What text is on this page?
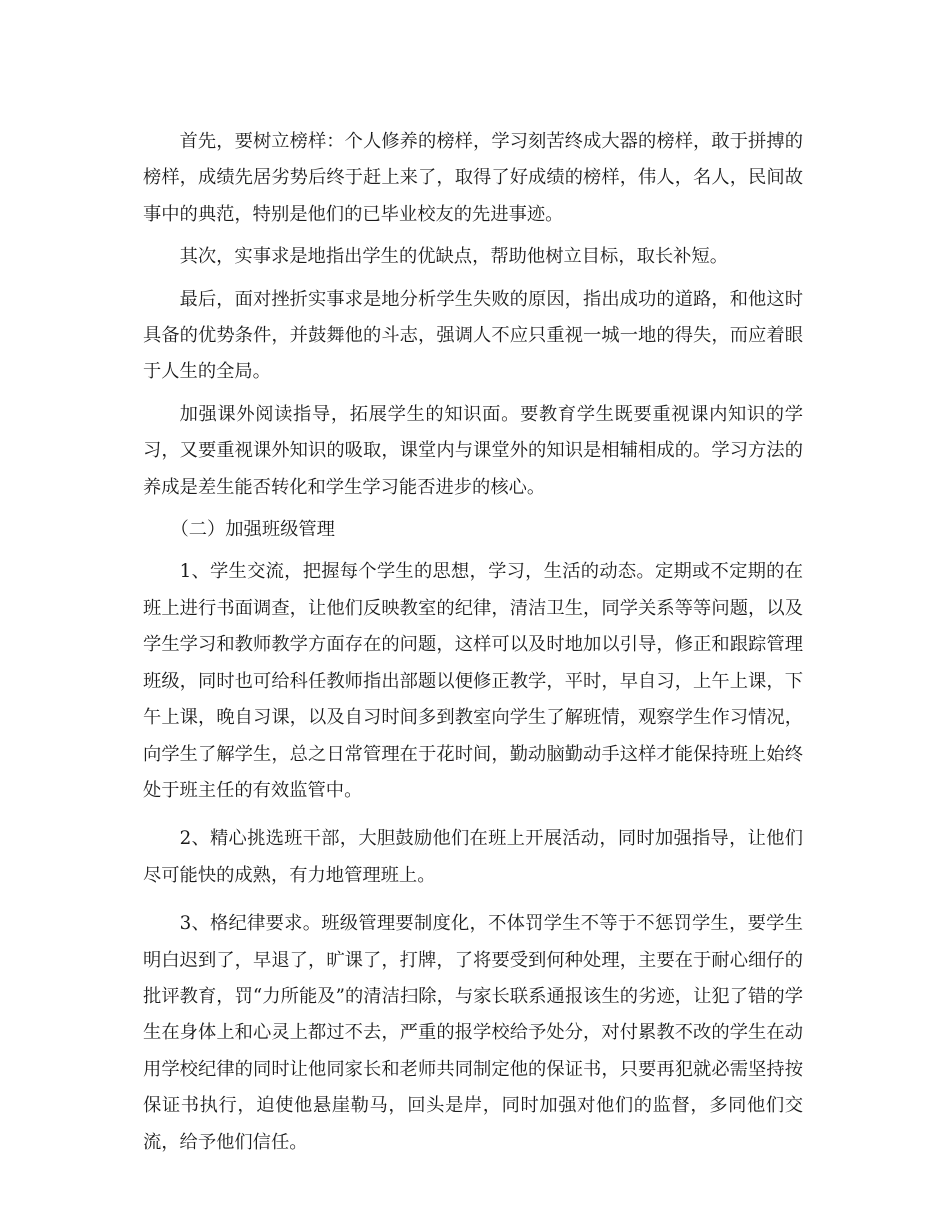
首先，要树立榜样：个人修养的榜样，学习刻苦终成大器的榜样，敢于拼搏的榜样，成绩先居劣势后终于赶上来了，取得了好成绩的榜样，伟人，名人，民间故事中的典范，特别是他们的已毕业校友的先进事迹。

其次，实事求是地指出学生的优缺点，帮助他树立目标，取长补短。

最后，面对挫折实事求是地分析学生失败的原因，指出成功的道路，和他这时具备的优势条件，并鼓舞他的斗志，强调人不应只重视一城一地的得失，而应着眼于人生的全局。

加强课外阅读指导，拓展学生的知识面。要教育学生既要重视课内知识的学习，又要重视课外知识的吸取，课堂内与课堂外的知识是相辅相成的。学习方法的养成是差生能否转化和学生学习能否进步的核心。

（二）加强班级管理

1、学生交流，把握每个学生的思想，学习，生活的动态。定期或不定期的在班上进行书面调查，让他们反映教室的纪律，清洁卫生，同学关系等等问题，以及学生学习和教师教学方面存在的问题，这样可以及时地加以引导，修正和跟踪管理班级，同时也可给科任教师指出部题以便修正教学，平时，早自习，上午上课，下午上课，晚自习课，以及自习时间多到教室向学生了解班情，观察学生作习情况，向学生了解学生，总之日常管理在于花时间，勤动脑勤动手这样才能保持班上始终处于班主任的有效监管中。

2、精心挑选班干部，大胆鼓励他们在班上开展活动，同时加强指导，让他们尽可能快的成熟，有力地管理班上。

3、格纪律要求。班级管理要制度化，不体罚学生不等于不惩罚学生，要学生明白迟到了，早退了，旷课了，打牌，了将要受到何种处理，主要在于耐心细仔的批评教育，罚“力所能及”的清洁扫除，与家长联系通报该生的劣迹，让犯了错的学生在身体上和心灵上都过不去，严重的报学校给予处分，对付累教不改的学生在动用学校纪律的同时让他同家长和老师共同制定他的保证书，只要再犯就必需坚持按保证书执行，迫使他悬崖勒马，回头是岸，同时加强对他们的监督，多同他们交流，给予他们信任。
